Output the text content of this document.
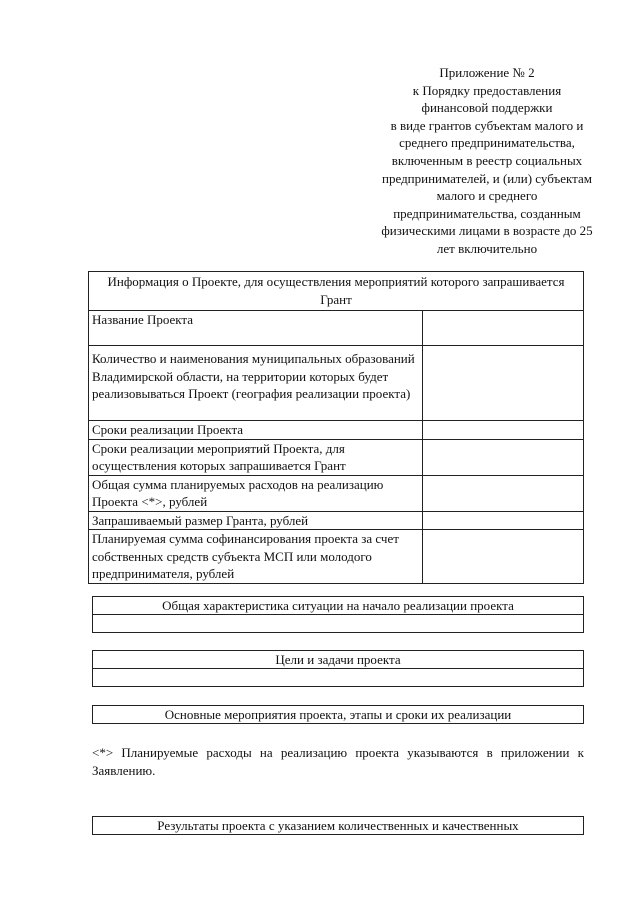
Приложение № 2
к Порядку предоставления
финансовой поддержки
в виде грантов субъектам малого и
среднего предпринимательства,
включенным в реестр социальных
предпринимателей, и (или) субъектам
малого и среднего
предпринимательства, созданным
физическими лицами в возрасте до 25
лет включительно
Информация о Проекте, для осуществления мероприятий которого запрашивается Грант	
Название Проекта	
Количество и наименования муниципальных образований Владимирской области, на территории которых будет реализовываться Проект (география реализации проекта)	
Сроки реализации Проекта	
Сроки реализации мероприятий Проекта, для осуществления которых запрашивается Грант	
Общая сумма планируемых расходов на реализацию Проекта <*>, рублей	
Запрашиваемый размер Гранта, рублей	
Планируемая сумма софинансирования проекта за счет собственных средств субъекта МСП или молодого предпринимателя, рублей	
Общая характеристика ситуации на начало реализации проекта

Цели и задачи проекта

Основные мероприятия проекта, этапы и сроки их реализации
<*> Планируемые расходы на реализацию проекта указываются в приложении к Заявлению.
Результаты проекта с указанием количественных и качественных
